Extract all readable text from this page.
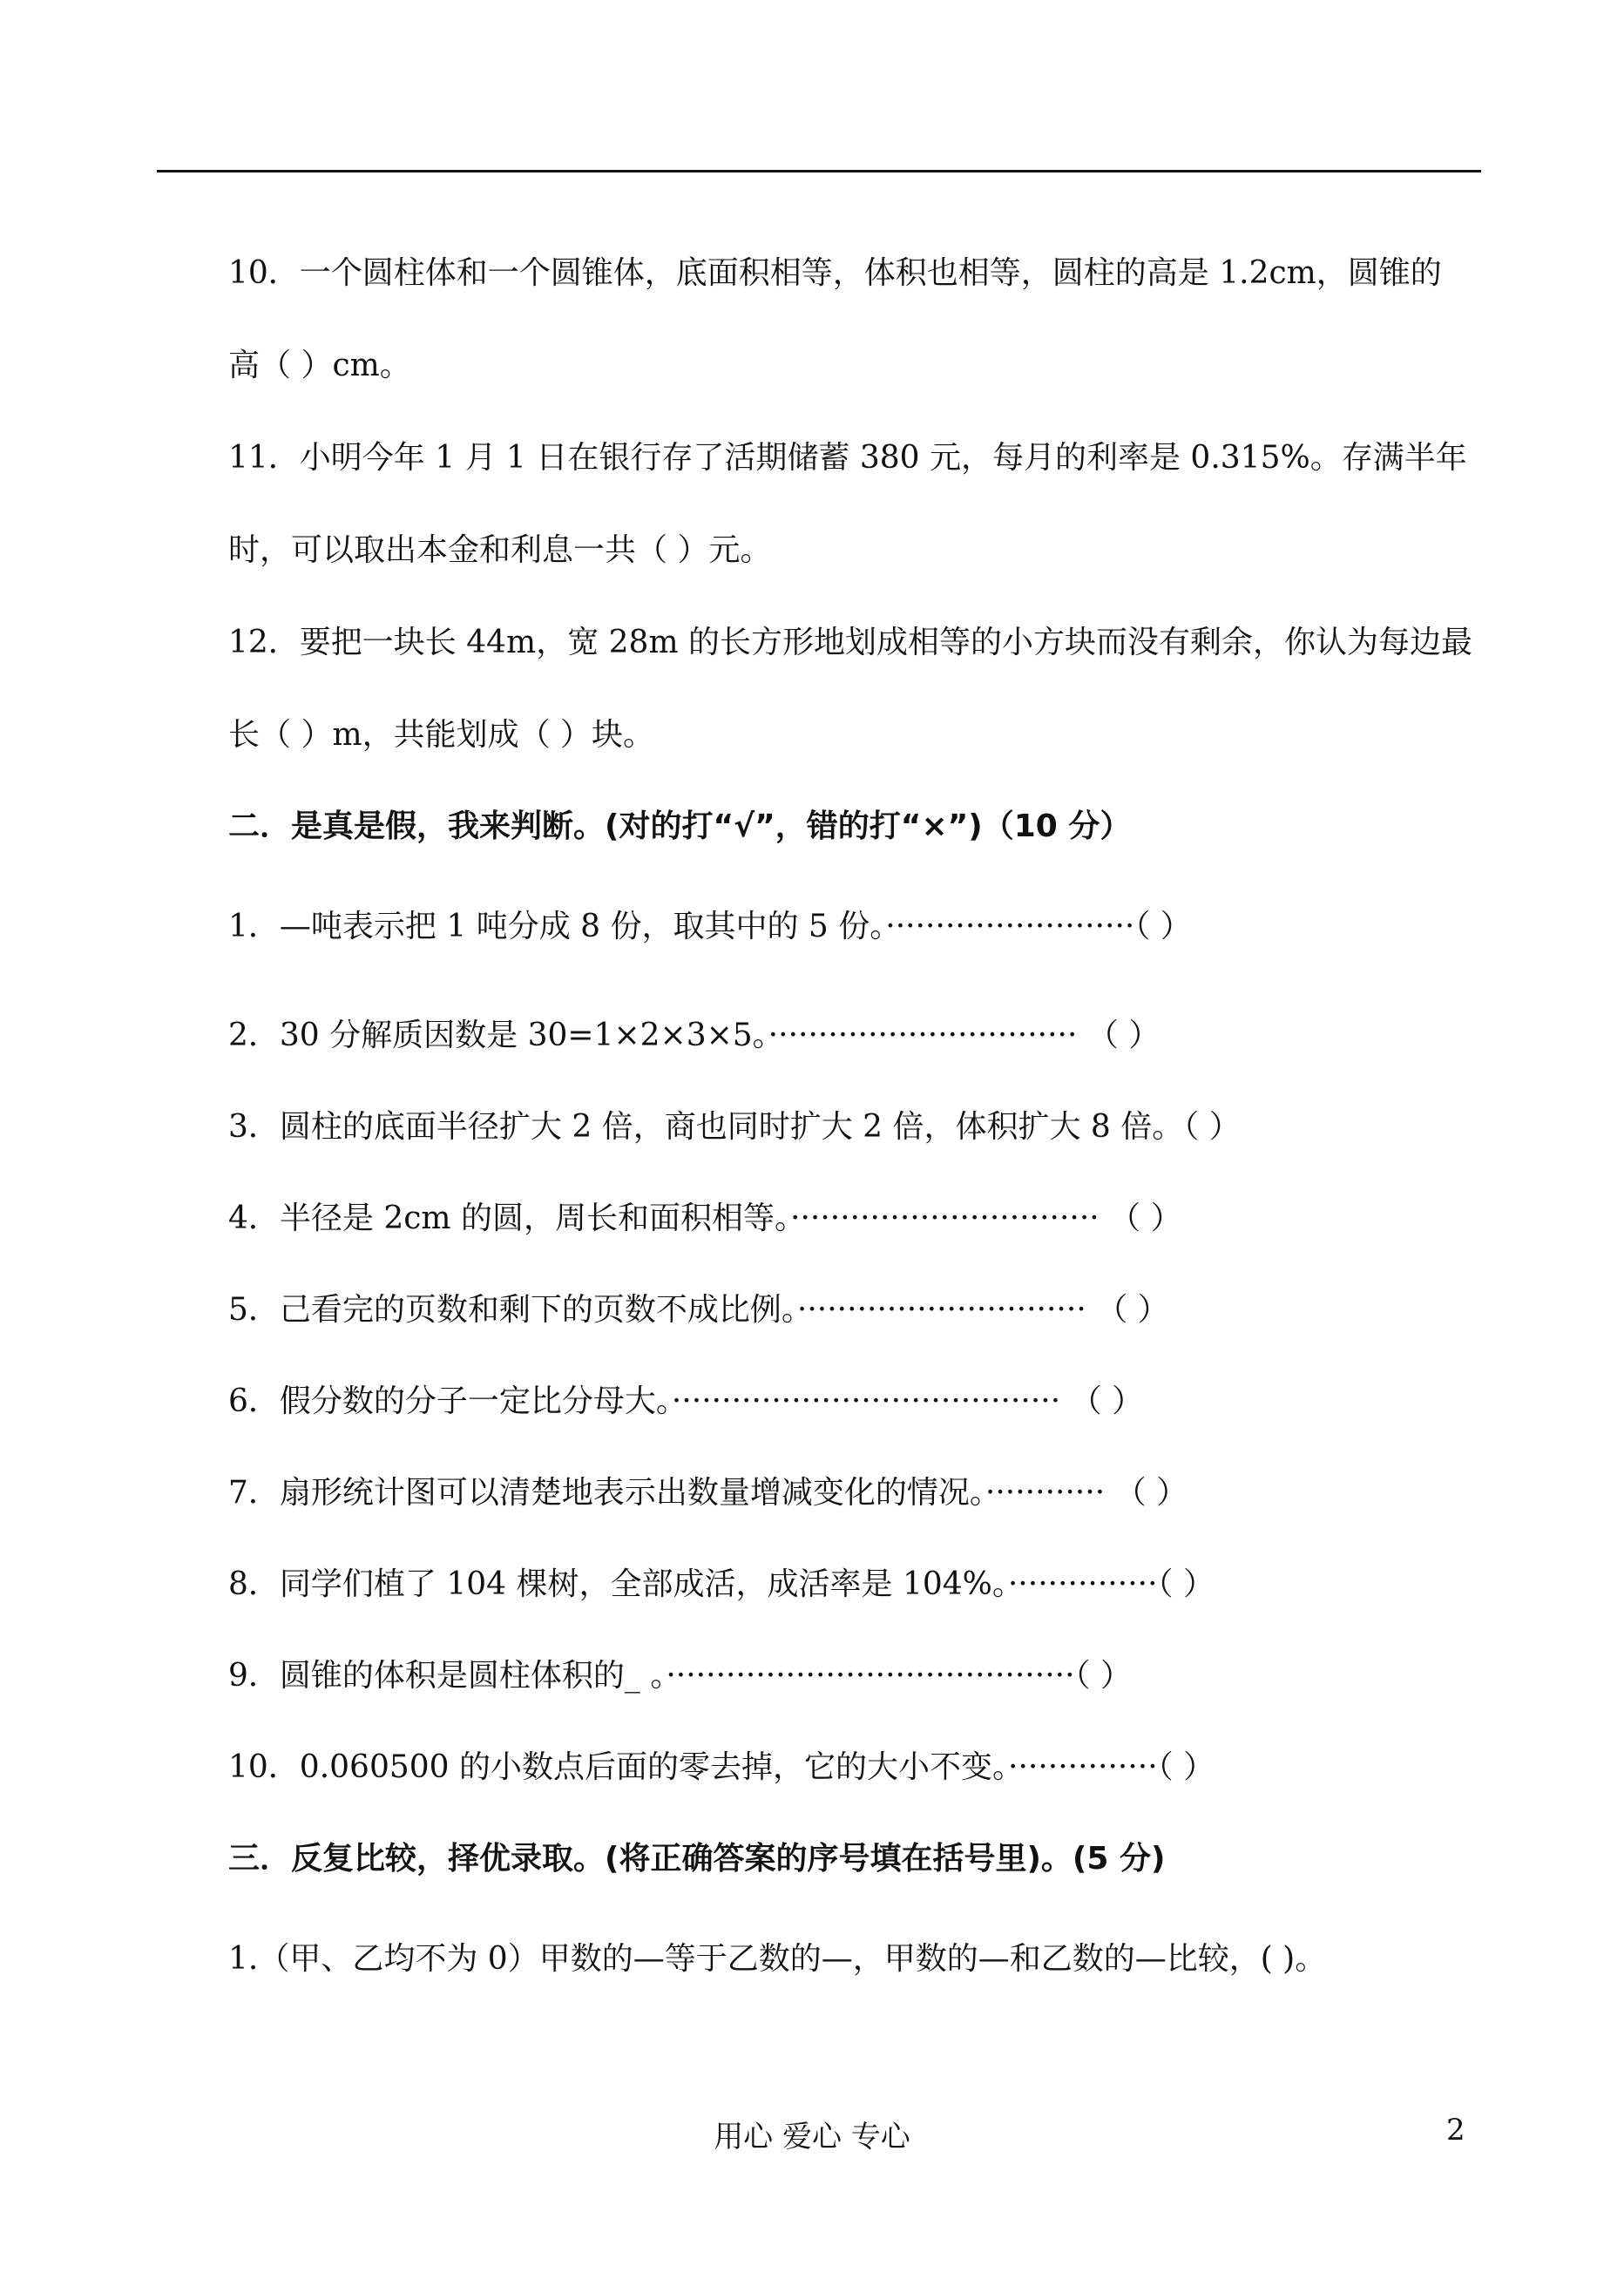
10．一个圆柱体和一个圆锥体，底面积相等，体积也相等，圆柱的高是 1.2cm，圆锥的
高（ ）cm。
11．小明今年 1 月 1 日在银行存了活期储蓄 380 元，每月的利率是 0.315%。存满半年
时，可以取出本金和利息一共（ ）元。
12．要把一块长 44m，宽 28m 的长方形地划成相等的小方块而没有剩余，你认为每边最
长（ ）m，共能划成（ ）块。
二．是真是假，我来判断。(对的打“√”，错的打“×”)（10 分）
1．—吨表示把 1 吨分成 8 份，取其中的 5 份。·························（ ）
2．30 分解质因数是 30=1×2×3×5。······························· （ ）
3．圆柱的底面半径扩大 2 倍，商也同时扩大 2 倍，体积扩大 8 倍。（ ）
4．半径是 2cm 的圆，周长和面积相等。······························· （ ）
5．己看完的页数和剩下的页数不成比例。····························· （ ）
6．假分数的分子一定比分母大。······································· （ ）
7．扇形统计图可以清楚地表示出数量增减变化的情况。············ （ ）
8．同学们植了 104 棵树，全部成活，成活率是 104%。···············（ ）
9．圆锥的体积是圆柱体积的_ 。·········································（ ）
10．0.060500 的小数点后面的零去掉，它的大小不变。···············（ ）
三．反复比较，择优录取。(将正确答案的序号填在括号里)。(5 分)
1.（甲、乙均不为 0）甲数的—等于乙数的—，甲数的—和乙数的—比较，( )。
用心 爱心 专心	2
